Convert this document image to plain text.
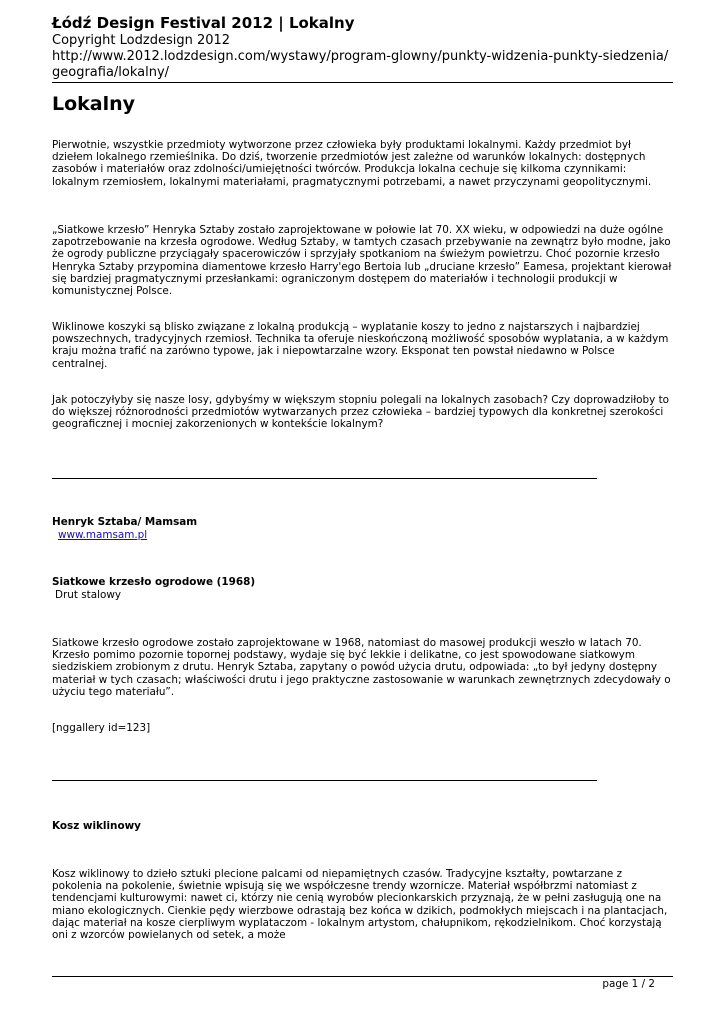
Łódź Design Festival 2012 | Lokalny

Copyright Lodzdesign 2012

http://www.2012.lodzdesign.com/wystawy/program-glowny/punkty-widzenia-punkty-siedzenia/geografia/lokalny/

Lokalny

Pierwotnie, wszystkie przedmioty wytworzone przez człowieka były produktami lokalnymi. Każdy przedmiot był dziełem lokalnego rzemieślnika. Do dziś, tworzenie przedmiotów jest zależne od warunków lokalnych: dostępnych zasobów i materiałów oraz zdolności/umiejętności twórców. Produkcja lokalna cechuje się kilkoma czynnikami: lokalnym rzemiosłem, lokalnymi materiałami, pragmatycznymi potrzebami, a nawet przyczynami geopolitycznymi.

„Siatkowe krzesło” Henryka Sztaby zostało zaprojektowane w połowie lat 70. XX wieku, w odpowiedzi na duże ogólne zapotrzebowanie na krzesła ogrodowe. Według Sztaby, w tamtych czasach przebywanie na zewnątrz było modne, jako że ogrody publiczne przyciągały spacerowiczów i sprzyjały spotkaniom na świeżym powietrzu. Choć pozornie krzesło Henryka Sztaby przypomina diamentowe krzesło Harry'ego Bertoia lub „druciane krzesło” Eamesa, projektant kierował się bardziej pragmatycznymi przesłankami: ograniczonym dostępem do materiałów i technologii produkcji w komunistycznej Polsce.

Wiklinowe koszyki są blisko związane z lokalną produkcją – wyplatanie koszy to jedno z najstarszych i najbardziej powszechnych, tradycyjnych rzemiosł. Technika ta oferuje nieskończoną możliwość sposobów wyplatania, a w każdym kraju można trafić na zarówno typowe, jak i niepowtarzalne wzory. Eksponat ten powstał niedawno w Polsce centralnej.

Jak potoczyłyby się nasze losy, gdybyśmy w większym stopniu polegali na lokalnych zasobach? Czy doprowadziłoby to do większej różnorodności przedmiotów wytwarzanych przez człowieka – bardziej typowych dla konkretnej szerokości geograficznej i mocniej zakorzenionych w kontekście lokalnym?

Henryk Sztaba/ Mamsam

www.mamsam.pl

Siatkowe krzesło ogrodowe (1968)

Drut stalowy

Siatkowe krzesło ogrodowe zostało zaprojektowane w 1968, natomiast do masowej produkcji weszło w latach 70. Krzesło pomimo pozornie topornej podstawy, wydaje się być lekkie i delikatne, co jest spowodowane siatkowym siedziskiem zrobionym z drutu. Henryk Sztaba, zapytany o powód użycia drutu, odpowiada: „to był jedyny dostępny materiał w tych czasach; właściwości drutu i jego praktyczne zastosowanie w warunkach zewnętrznych zdecydowały o użyciu tego materiału”.

[nggallery id=123]

Kosz wiklinowy

Kosz wiklinowy to dzieło sztuki plecione palcami od niepamiętnych czasów. Tradycyjne kształty, powtarzane z pokolenia na pokolenie, świetnie wpisują się we współczesne trendy wzornicze. Materiał współbrzmi natomiast z tendencjami kulturowymi: nawet ci, którzy nie cenią wyrobów plecionkarskich przyznają, że w pełni zasługują one na miano ekologicznych. Cienkie pędy wierzbowe odrastają bez końca w dzikich, podmokłych miejscach i na plantacjach, dając materiał na kosze cierpliwym wyplataczom - lokalnym artystom, chałupnikom, rękodzielnikom. Choć korzystają oni z wzorców powielanych od setek, a może

page 1 / 2
